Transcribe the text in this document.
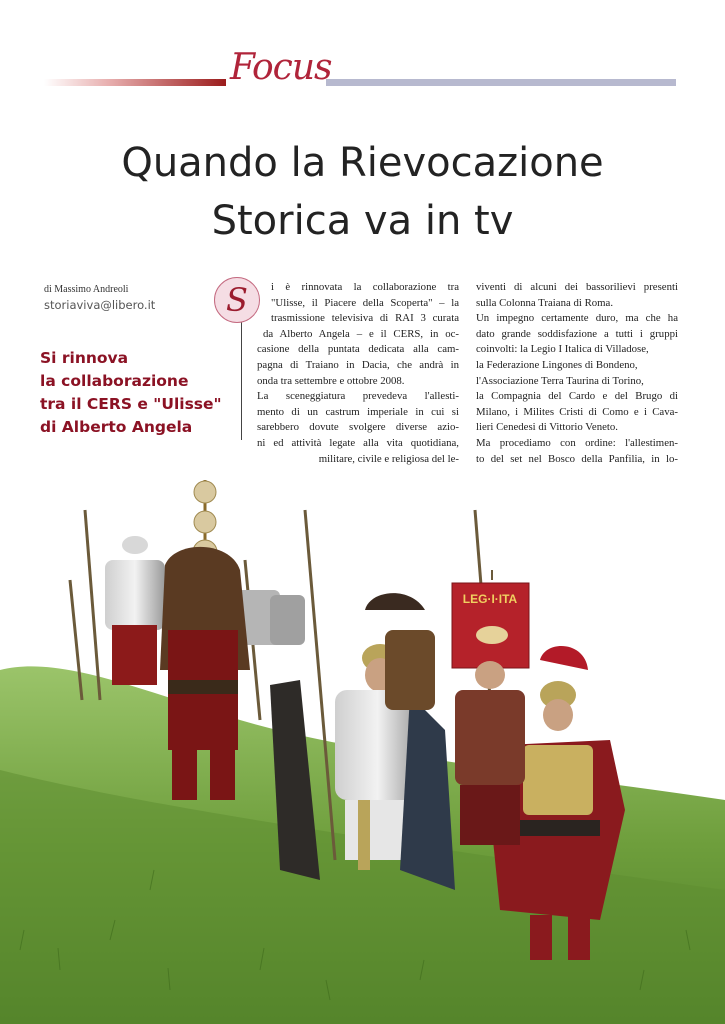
Focus
Quando la Rievocazione
Storica va in tv
di Massimo Andreoli
storiaviva@libero.it
Si rinnova
la collaborazione
tra il CERS e "Ulisse"
di Alberto Angela
S	i è rinnovata la collaborazione tra
"Ulisse, il Piacere della Scoperta" – la
trasmissione televisiva di RAI 3 curata
da Alberto Angela – e il CERS, in oc-
casione della puntata dedicata alla cam-
pagna di Traiano in Dacia, che andrà in
onda tra settembre e ottobre 2008.
La sceneggiatura prevedeva l'allesti-
mento di un castrum imperiale in cui si
sarebbero dovute svolgere diverse azio-
ni ed attività legate alla vita quotidiana,
militare, civile e religiosa del le-
viventi di alcuni dei bassorilievi presenti
sulla Colonna Traiana di Roma.
Un impegno certamente duro, ma che ha
dato grande soddisfazione a tutti i gruppi
coinvolti: la Legio I Italica di Villadose,
la Federazione Lingones di Bondeno,
l'Associazione Terra Taurina di Torino,
la Compagnia del Cardo e del Brugo di
Milano, i Milites Cristi di Como e i Cava-
lieri Cenedesi di Vittorio Veneto.
Ma procediamo con ordine: l'allestimen-
to del set nel Bosco della Panfilia, in lo-
LEG·I·ITA
